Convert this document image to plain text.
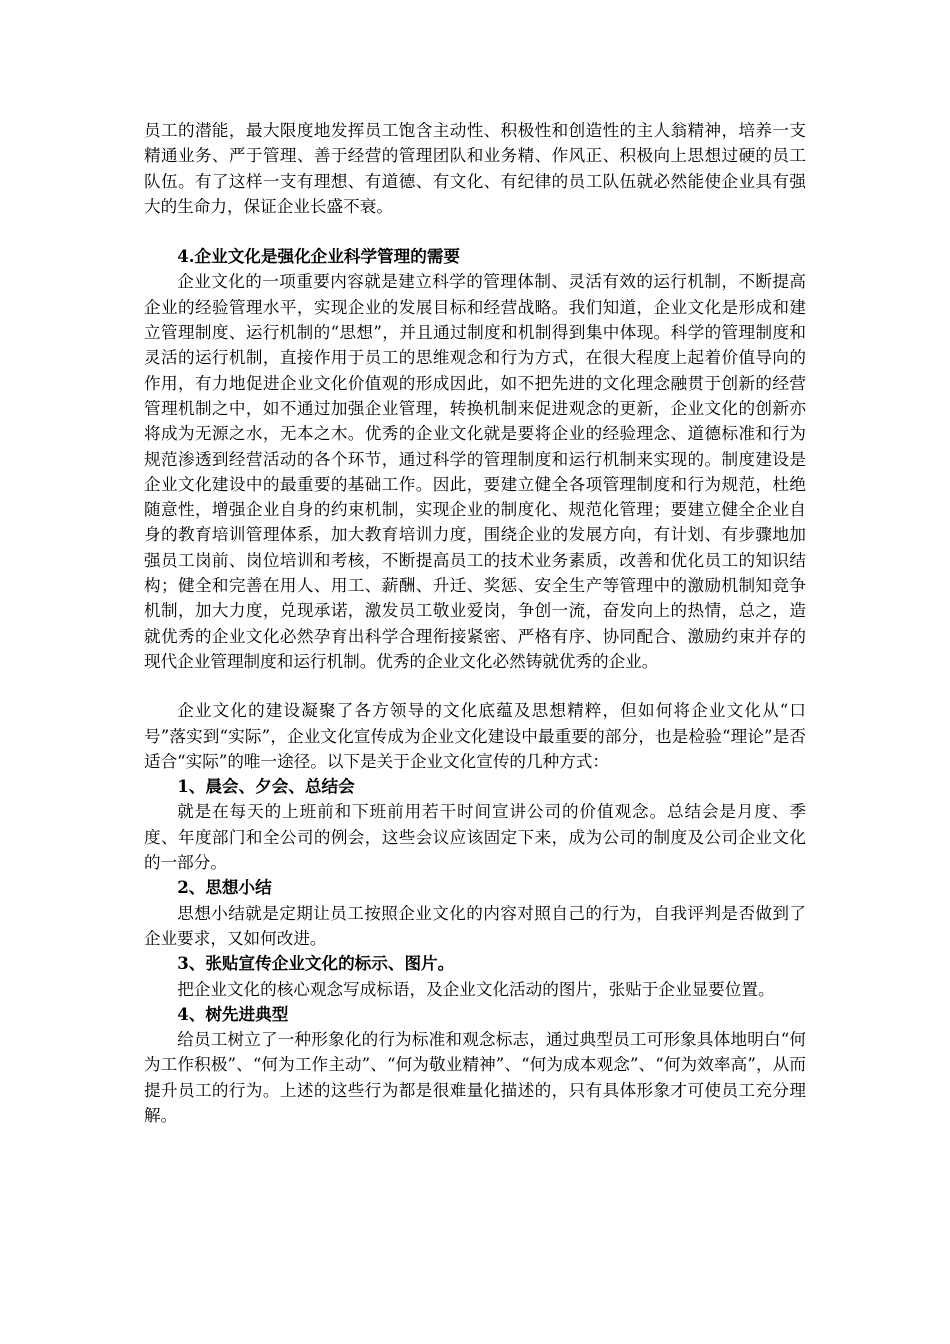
员工的潜能，最大限度地发挥员工饱含主动性、积极性和创造性的主人翁精神，培养一支精通业务、严于管理、善于经营的管理团队和业务精、作风正、积极向上思想过硬的员工队伍。有了这样一支有理想、有道德、有文化、有纪律的员工队伍就必然能使企业具有强大的生命力，保证企业长盛不衰。

4.企业文化是强化企业科学管理的需要

企业文化的一项重要内容就是建立科学的管理体制、灵活有效的运行机制，不断提高企业的经验管理水平，实现企业的发展目标和经营战略。我们知道，企业文化是形成和建立管理制度、运行机制的“思想”，并且通过制度和机制得到集中体现。科学的管理制度和灵活的运行机制，直接作用于员工的思维观念和行为方式，在很大程度上起着价值导向的作用，有力地促进企业文化价值观的形成因此，如不把先进的文化理念融贯于创新的经营管理机制之中，如不通过加强企业管理，转换机制来促进观念的更新，企业文化的创新亦将成为无源之水，无本之木。优秀的企业文化就是要将企业的经验理念、道德标准和行为规范渗透到经营活动的各个环节，通过科学的管理制度和运行机制来实现的。制度建设是企业文化建设中的最重要的基础工作。因此，要建立健全各项管理制度和行为规范，杜绝随意性，增强企业自身的约束机制，实现企业的制度化、规范化管理；要建立健全企业自身的教育培训管理体系，加大教育培训力度，围绕企业的发展方向，有计划、有步骤地加强员工岗前、岗位培训和考核，不断提高员工的技术业务素质，改善和优化员工的知识结构；健全和完善在用人、用工、薪酬、升迁、奖惩、安全生产等管理中的激励机制知竞争机制，加大力度，兑现承诺，激发员工敬业爱岗，争创一流，奋发向上的热情，总之，造就优秀的企业文化必然孕育出科学合理衔接紧密、严格有序、协同配合、激励约束并存的现代企业管理制度和运行机制。优秀的企业文化必然铸就优秀的企业。

企业文化的建设凝聚了各方领导的文化底蕴及思想精粹，但如何将企业文化从“口号”落实到“实际”，企业文化宣传成为企业文化建设中最重要的部分，也是检验“理论”是否适合“实际”的唯一途径。以下是关于企业文化宣传的几种方式：

1、晨会、夕会、总结会

就是在每天的上班前和下班前用若干时间宣讲公司的价值观念。总结会是月度、季度、年度部门和全公司的例会，这些会议应该固定下来，成为公司的制度及公司企业文化的一部分。

2、思想小结

思想小结就是定期让员工按照企业文化的内容对照自己的行为，自我评判是否做到了企业要求，又如何改进。

3、张贴宣传企业文化的标示、图片。

把企业文化的核心观念写成标语，及企业文化活动的图片，张贴于企业显要位置。

4、树先进典型

给员工树立了一种形象化的行为标准和观念标志，通过典型员工可形象具体地明白“何为工作积极”、“何为工作主动”、“何为敬业精神”、“何为成本观念”、“何为效率高”，从而提升员工的行为。上述的这些行为都是很难量化描述的，只有具体形象才可使员工充分理解。
